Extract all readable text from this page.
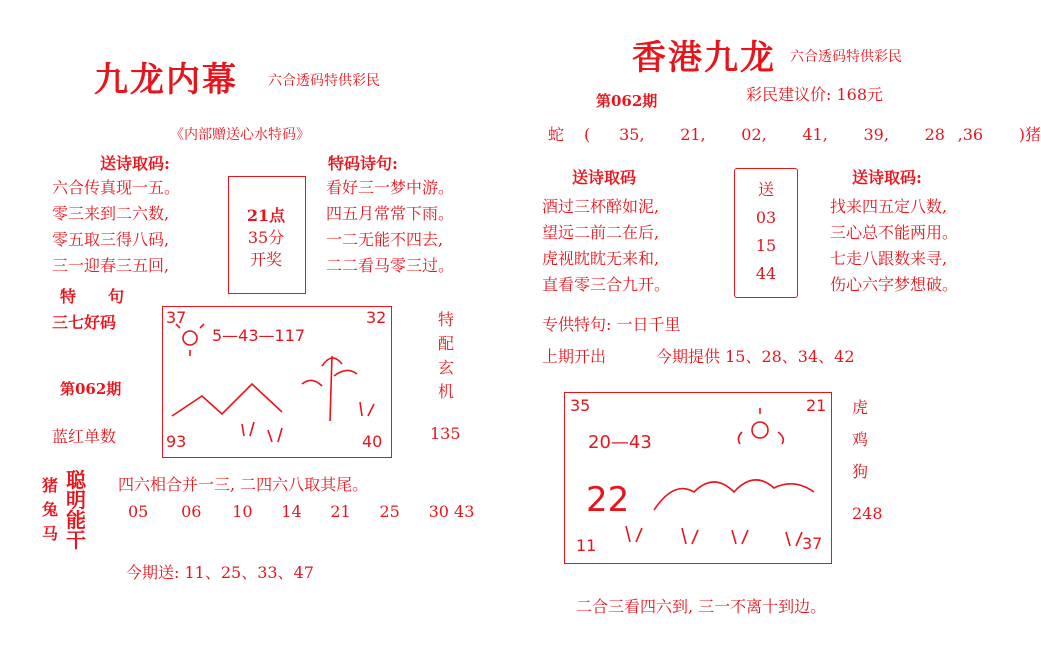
九龙内幕 六合透码特供彩民
《内部赠送心水特码》
送诗取码:
六合传真现一五。
零三来到二六数,
零五取三得八码,
三一迎春三五回,
特　　句
三七好码
21点
35分
开奖
特码诗句:
看好三一梦中游。
四五月常常下雨。
一二无能不四去,
二二看马零三过。
特
配
玄
机
第062期
蓝红单数	135
37	32
93	40
5—43—117
猪
兔
马
聪
明
能
干
四六相合并一三, 二四六八取其尾。
05 06 10 14 21 25 30 43
今期送: 11、25、33、47
香港九龙 六合透码特供彩民
第062期	彩民建议价: 168元
蛇 ( 35, 21, 02, 41, 39, 28 ,36 )猪
送诗取码
酒过三杯醉如泥,
望远二前二在后,
虎视眈眈无来和,
直看零三合九开。
送
03
15
44
送诗取码:
找来四五定八数,
三心总不能两用。
七走八跟数来寻,
伤心六字梦想破。
专供特句: 一日千里
上期开出	今期提供 15、28、34、42
35	21
11	37
20—43
22
虎
鸡
狗
248
二合三看四六到, 三一不离十到边。
